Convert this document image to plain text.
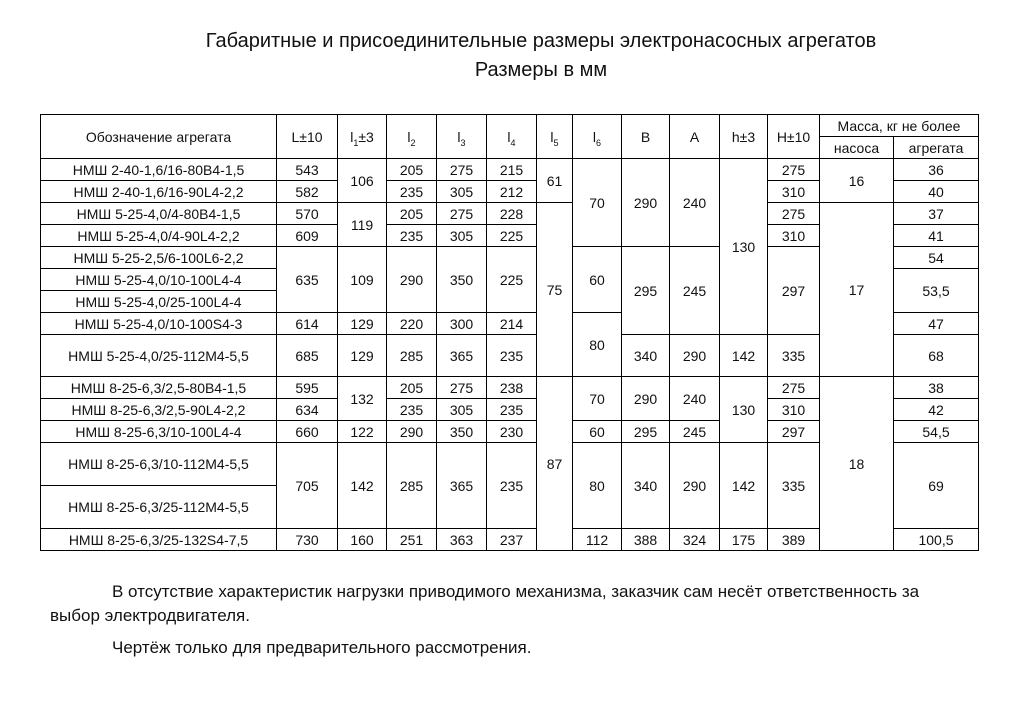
Габаритные и присоединительные размеры электронасосных агрегатов
Размеры в мм
Обозначение агрегата	L±10	$l_1\pm 3$	$l_2$	$l_3$	$l_4$	$l_5$	$l_6$	B	A	h±3	H±10	Масса, кг не более	
												насоса	агрегата
НМШ 2-40-1,6/16-80В4-1,5	543	106	205	275	215	61	70	290	240	130	275	16	36
НМШ 2-40-1,6/16-90L4-2,2	582		235	305	212						310		40
НМШ 5-25-4,0/4-80В4-1,5	570	119	205	275	228	75					275	17	37
НМШ 5-25-4,0/4-90L4-2,2	609		235	305	225						310		41
НМШ 5-25-2,5/6-100L6-2,2	635	109	290	350	225		60	295	245		297		54
НМШ 5-25-4,0/10-100L4-4													53,5
НМШ 5-25-4,0/25-100L4-4													
НМШ 5-25-4,0/10-100S4-3	614	129	220	300	214		80						47
НМШ 5-25-4,0/25-112М4-5,5	685	129	285	365	235			340	290	142	335		68
НМШ 8-25-6,3/2,5-80В4-1,5	595	132	205	275	238	87	70	290	240	130	275	18	38
НМШ 8-25-6,3/2,5-90L4-2,2	634		235	305	235						310		42
НМШ 8-25-6,3/10-100L4-4	660	122	290	350	230		60	295	245		297		54,5
НМШ 8-25-6,3/10-112М4-5,5	705	142	285	365	235		80	340	290	142	335		69
НМШ 8-25-6,3/25-112М4-5,5													
НМШ 8-25-6,3/25-132S4-7,5	730	160	251	363	237		112	388	324	175	389		100,5

В отсутствие характеристик нагрузки приводимого механизма, заказчик сам несёт ответственность за выбор электродвигателя.

Чертёж только для предварительного рассмотрения.
